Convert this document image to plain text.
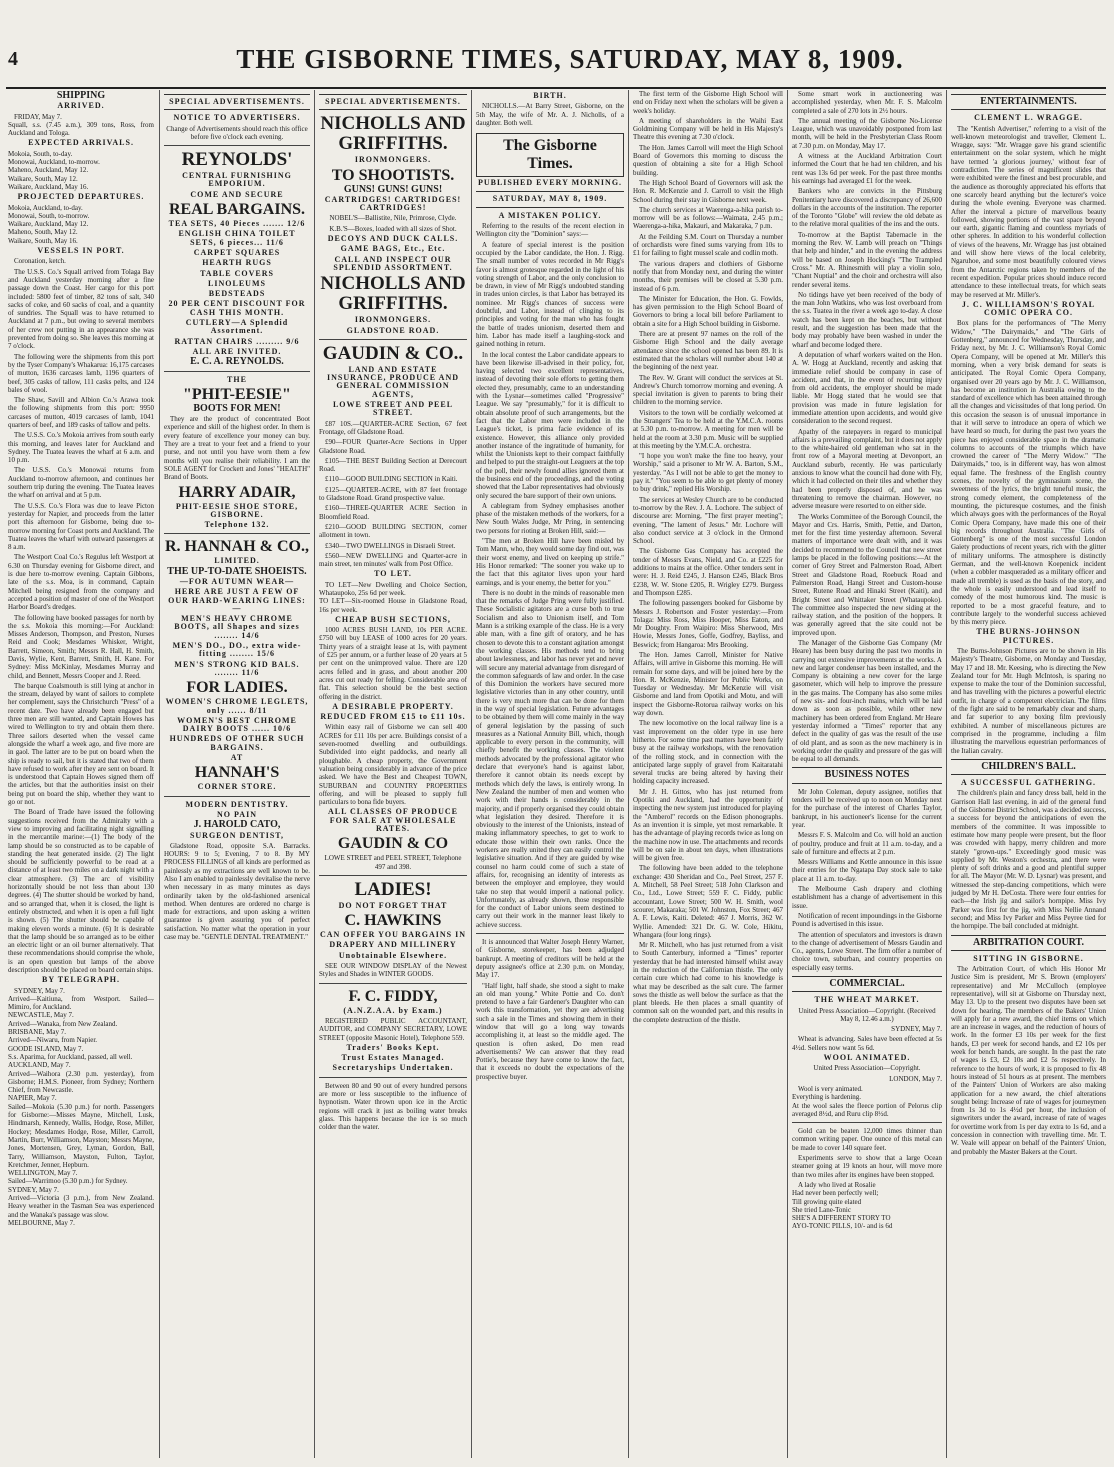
4	THE GISBORNE TIMES, SATURDAY, MAY 8, 1909.
SHIPPING
ARRIVED.

FRIDAY, May 7.
Squall, s.s. (7.45 a.m.), 309 tons, Ross, from Auckland and Tologa.

EXPECTED ARRIVALS.

Mokoia, South, to-day.
Monowai, Auckland, to-morrow.
Maheno, Auckland, May 12.
Waikare, South, May 12.
Waikare, Auckland, May 16.

PROJECTED DEPARTURES.

Mokoia, Auckland, to-day.
Monowai, South, to-morrow.
Waikare, Auckland, May 12.
Maheno, South, May 12.
Waikare, South, May 16.

VESSELS IN PORT.

Coronation, ketch.

The U.S.S. Co.'s Squall arrived from Tolaga Bay and Auckland yesterday morning after a fine passage down the Coast. Her cargo for this port included: 5800 feet of timber, 82 tons of salt, 340 sacks of coke, and 60 sacks of coal, and a quantity of sundries. The Squall was to have returned to Auckland at 7 p.m., but owing to several members of her crew not putting in an appearance she was prevented from doing so. She leaves this morning at 7 o'clock.

The following were the shipments from this port by the Tyser Company's Whakarua: 16,175 carcases of mutton, 1636 carcases lamb, 1196 quarters of beef, 305 casks of tallow, 111 casks pelts, and 124 bales of wool.

The Shaw, Savill and Albion Co.'s Arawa took the following shipments from this port: 9950 carcases of mutton, 4019 carcases of lamb, 1041 quarters of beef, and 189 casks of tallow and pelts.

The U.S.S. Co.'s Mokoia arrives from south early this morning, and leaves later for Auckland and Sydney. The Tuatea leaves the wharf at 6 a.m. and 10 p.m.

The U.S.S. Co.'s Monowai returns from Auckland to-morrow afternoon, and continues her southern trip during the evening. The Tuatea leaves the wharf on arrival and at 5 p.m.

The U.S.S. Co.'s Flora was due to leave Picton yesterday for Napier, and proceeds from the latter port this afternoon for Gisborne, being due to-morrow morning for Coast ports and Auckland. The Tuatea leaves the wharf with outward passengers at 8 a.m.

The Westport Coal Co.'s Regulus left Westport at 6.30 on Thursday evening for Gisborne direct, and is due here to-morrow evening. Captain Gibbons, late of the s.s. Moa, is in command, Captain Mitchell being resigned from the company and accepted a position of master of one of the Westport Harbor Board's dredges.

The following have booked passages for north by the s.s. Mokoia this morning:—For Auckland: Misses Anderson, Thompson, and Preston, Nurses Reid and Cook; Mesdames Whisker, Wright, Barrett, Simeon, Smith; Messrs R. Hall, H. Smith, Davis, Wylie, Kent, Barrett, Smith, H. Kane. For Sydney: Miss McKinlay, Mesdames Murray and child, and Bennett, Messrs Cooper and J. Reed.

The barque Coalsmouth is still lying at anchor in the stream, delayed by want of sailors to complete her complement, says the Christchurch "Press" of a recent date. Two have already been engaged but three men are still wanted, and Captain Howes has wired to Wellington to try and obtain them there. Three sailors deserted when the vessel came alongside the wharf a week ago, and five more are in gaol. The latter are to be put on board when the ship is ready to sail, but it is stated that two of them have refused to work after they are sent on board. It is understood that Captain Howes signed them off the articles, but that the authorities insist on their being put on board the ship, whether they want to go or not.

The Board of Trade have issued the following suggestions received from the Admiralty with a view to improving and facilitating night signalling in the mercantile marine:—(1) The body of the lamp should be so constructed as to be capable of standing the heat generated inside. (2) The light should be sufficiently powerful to be read at a distance of at least two miles on a dark night with a clear atmosphere. (3) The arc of visibility horizontally should be not less than about 130 degrees. (4) The shutter should be worked by hand, and so arranged that, when it is closed, the light is entirely obstructed, and when it is open a full light is shown. (5) The shutter should be capable of making eleven words a minute. (6) It is desirable that the lamp should be so arranged as to be either an electric light or an oil burner alternatively. That these recommendations should comprise the whole, is an open question but lamps of the above description should be placed on board certain ships.

BY TELEGRAPH.

SYDNEY, May 7.
Arrived—Kaitiuna, from Westport. Sailed—Mimiro, for Auckland.
NEWCASTLE, May 7.
Arrived—Wanaka, from New Zealand.
BRISBANE, May 7.
Arrived—Niwaru, from Napier.
GOODE ISLAND, May 7.
S.s. Aparima, for Auckland, passed, all well.
AUCKLAND, May 7.
Arrived—Waihora (2.30 p.m. yesterday), from Gisborne; H.M.S. Pioneer, from Sydney; Northern Chief, from Newcastle.
NAPIER, May 7.
Sailed—Mokoia (5.30 p.m.) for north. Passengers for Gisborne:—Misses Mayne, Mitchell, Lusk, Hindmarsh, Kennedy, Wallis, Hodge, Rose, Miller, Hockey; Mesdames Hodge, Rose, Miller, Carroll, Martin, Burr, Williamson, Mayston; Messrs Mayne, Jones, Mortensen, Grey, Lyman, Gordon, Ball, Tarry, Williamson, Mayston, Fulton, Taylor, Kretchmer, Jenner, Hepburn.
WELLINGTON, May 7.
Sailed—Warrimoo (5.30 p.m.) for Sydney.
SYDNEY, May 7.
Arrived—Victoria (3 p.m.), from New Zealand. Heavy weather in the Tasman Sea was experienced and the Wanaka's passage was slow.
MELBOURNE, May 7.

SPECIAL ADVERTISEMENTS.
NOTICE TO ADVERTISERS.

Change of Advertisements should reach this office before five o'clock each evening.

REYNOLDS'
CENTRAL FURNISHING EMPORIUM.
COME AND SECURE
REAL BARGAINS.
TEA SETS, 40 Pieces ....... 12/6
ENGLISH CHINA TOILET SETS, 6 pieces... 11/6
CARPET SQUARES
HEARTH RUGS
TABLE COVERS
LINOLEUMS
BEDSTEADS
20 PER CENT DISCOUNT FOR CASH THIS MONTH.
CUTLERY—A Splendid Assortment.
RATTAN CHAIRS ......... 9/6
ALL ARE INVITED.
E. C. A. REYNOLDS.
THE
"PHIT-EESIE"
BOOTS FOR MEN!

They are the product of concentrated Boot experience and skill of the highest order. In them is every feature of excellence your money can buy. They are a treat to your feet and a friend to your purse, and not until you have worn them a few months will you realise their reliability. I am the SOLE AGENT for Crockett and Jones' "HEALTH" Brand of Boots.

HARRY ADAIR,
PHIT-EESIE SHOE STORE, GISBORNE.
Telephone 132.
R. HANNAH & CO.,
LIMITED.
THE UP-TO-DATE SHOEISTS.
—FOR AUTUMN WEAR—
HERE ARE JUST A FEW OF OUR HARD-WEARING LINES:—
MEN'S HEAVY CHROME BOOTS, all Shapes and sizes ........ 14/6
MEN'S DO., DO., extra wide-fitting ........ 15/6
MEN'S STRONG KID BALS. ........ 11/6
FOR LADIES.
WOMEN'S CHROME LEGLETS, only ...... 8/11
WOMEN'S BEST CHROME DAIRY BOOTS ...... 10/6
HUNDREDS OF OTHER SUCH BARGAINS.
AT
HANNAH'S
CORNER STORE.
MODERN DENTISTRY.
NO PAIN
J. HAROLD CATO,
SURGEON DENTIST,

Gladstone Road, opposite S.A. Barracks. HOURS: 9 to 5; Evening, 7 to 8. By MY PROCESS FILLINGS of all kinds are performed as painlessly as my extractions are well known to be. Also I am enabled to painlessly devitalise the nerve when necessary in as many minutes as days ordinarily taken by the old-fashioned arsenical method. When dentures are ordered no charge is made for extractions, and upon asking a written guarantee is given assuring you of perfect satisfaction. No matter what the operation in your case may be. "GENTLE DENTAL TREATMENT."

SPECIAL ADVERTISEMENTS.
NICHOLLS AND GRIFFITHS.
IRONMONGERS.
TO SHOOTISTS.
GUNS! GUNS! GUNS!
CARTRIDGES! CARTRIDGES! CARTRIDGES!

NOBEL'S—Ballistite, Nile, Primrose, Clyde.

K.B.'S—Boxes, loaded with all sizes of Shot.

DECOYS AND DUCK CALLS.
GAME BAGS, Etc., Etc.
CALL AND INSPECT OUR SPLENDID ASSORTMENT.
NICHOLLS AND GRIFFITHS.
IRONMONGERS.
GLADSTONE ROAD.
GAUDIN & CO..
LAND AND ESTATE INSURANCE, PRODUCE AND GENERAL COMMISSION AGENTS,
LOWE STREET AND PEEL STREET.

£87 10S.—QUARTER-ACRE Section, 67 feet Frontage, off Gladstone Road.

£90—FOUR Quarter-Acre Sections in Upper Gladstone Road.

£105—THE BEST Building Section at Derecourt Road.

£110—GOOD BUILDING SECTION in Kaiti.

£125—QUARTER-ACRE, with 87 feet frontage to Gladstone Road. Grand prospective value.

£160—THREE-QUARTER ACRE Section in Bloomfield Road.

£210—GOOD BUILDING SECTION, corner allotment in town.

£340—TWO DWELLINGS in Disraeli Street.

£560—NEW DWELLING and Quarter-acre in main street, ten minutes' walk from Post Office.

TO LET.

TO LET—New Dwelling and Choice Section, Whataupoko, 25s 6d per week.
TO LET—Six-roomed House in Gladstone Road, 16s per week.

CHEAP BUSH SECTIONS,

1000 ACRES BUSH LAND, 10s PER ACRE. £750 will buy LEASE of 1000 acres for 20 years. Thirty years of a straight lease at 1s, with payment of £25 per annum, or a further lease of 20 years at 5 per cent on the unimproved value. There are 120 acres felled and in grass, and about another 200 acres cut out ready for felling. Considerable area of flat. This selection should be the best section offering in the district.

A DESIRABLE PROPERTY.
REDUCED FROM £15 to £11 10s.

Within easy rail of Gisborne we can sell 400 ACRES for £11 10s per acre. Buildings consist of a seven-roomed dwelling and outbuildings. Subdivided into eight paddocks, and nearly all ploughable. A cheap property, the Government valuation being considerably in advance of the price asked. We have the Best and Cheapest TOWN, SUBURBAN and COUNTRY PROPERTIES offering, and will be pleased to supply full particulars to bona fide buyers.

ALL CLASSES OF PRODUCE FOR SALE AT WHOLESALE RATES.
GAUDIN & CO

LOWE STREET and PEEL STREET, Telephone 497 and 398.

LADIES!
DO NOT FORGET THAT
C. HAWKINS
CAN OFFER YOU BARGAINS IN
DRAPERY AND MILLINERY
Unobtainable Elsewhere.

SEE OUR WINDOW DISPLAY of the Newest Styles and Shades in WINTER GOODS.

F. C. FIDDY,
(A.N.Z.A.A. by Exam.)

REGISTERED PUBLIC ACCOUNTANT, AUDITOR, and COMPANY SECRETARY, LOWE STREET (opposite Masonic Hotel), Telephone 559.

Traders' Books Kept.
Trust Estates Managed.
Secretaryships Undertaken.

Between 80 and 90 out of every hundred persons are more or less susceptible to the influence of hypnotism. Water thrown upon ice in the Arctic regions will crack it just as boiling water breaks glass. This happens because the ice is so much colder than the water.

BIRTH.

NICHOLLS.—At Barry Street, Gisborne, on the 5th May, the wife of Mr. A. J. Nicholls, of a daughter. Both well.

The Gisborne Times.
PUBLISHED EVERY MORNING.
SATURDAY, MAY 8, 1909.
A MISTAKEN POLICY.

Referring to the results of the recent election in Wellington city the "Dominion" says:—

A feature of special interest is the position occupied by the Labor candidate, the Hon. J. Rigg. The small number of votes recorded in Mr Rigg's favor is almost grotesque regarded in the light of his voting strength of Labor, and the only conclusion to be drawn, in view of Mr Rigg's undoubted standing in trades union circles, is that Labor has betrayed its nominee. Mr Rigg's chances of success were doubtful, and Labor, instead of clinging to its principles and voting for the man who has fought the battle of trades unionism, deserted them and him. Labor has made itself a laughing-stock and gained nothing in return.

In the local contest the Labor candidate appears to have been likewise ill-advised in their policy, for, having selected two excellent representatives, instead of devoting their sole efforts to getting them elected they, presumably, came to an understanding with the Lysnar—sometimes called "Progressive" League. We say "presumably," for it is difficult to obtain absolute proof of such arrangements, but the fact that the Labor men were included in the League's ticket, is prima facie evidence of its existence. However, this alliance only provided another instance of the ingratitude of humanity, for whilst the Unionists kept to their compact faithfully and helped to put the straight-out Leaguers at the top of the poll, their newly found allies ignored them at the business end of the proceedings, and the voting showed that the Labor representatives had obviously only secured the bare support of their own unions.

A cablegram from Sydney emphasises another phase of the mistaken methods of the workers, for a New South Wales Judge, Mr Pring, in sentencing two persons for rioting at Broken Hill, said:—

"The men at Broken Hill have been misled by Tom Mann, who, they would some day find out, was their worst enemy, and lived on keeping up strife." His Honor remarked: "The sooner you wake up to the fact that this agitator lives upon your hard earnings, and is your enemy, the better for you."

There is no doubt in the minds of reasonable men that the remarks of Judge Pring were fully justified. These Socialistic agitators are a curse both to true Socialism and also to Unionism itself, and Tom Mann is a striking example of the class. He is a very able man, with a fine gift of oratory, and he has chosen to devote this to a constant agitation amongst the working classes. His methods tend to bring about lawlessness, and labor has never yet and never will secure any material advantage from disregard of the common safeguards of law and order. In the case of this Dominion the workers have secured more legislative victories than in any other country, until there is very much more that can be done for them in the way of special legislation. Future advantages to be obtained by them will come mainly in the way of general legislation by the passing of such measures as a National Annuity Bill, which, though applicable to every person in the community, will chiefly benefit the working classes. The violent methods advocated by the professional agitator who declare that everyone's hand is against labor, therefore it cannot obtain its needs except by methods which defy the laws, is entirely wrong. In New Zealand the number of men and women who work with their hands is considerably in the majority, and if properly organised they could obtain what legislation they desired. Therefore it is obviously to the interest of the Unionists, instead of making inflammatory speeches, to get to work to educate those within their own ranks. Once the workers are really united they can easily control the legislative situation. And if they are guided by wise counsel no harm could come of such a state of affairs, for, recognising an identity of interests as between the employer and employee, they would take no step that would imperil a national policy. Unfortunately, as already shown, those responsible for the conduct of Labor unions seem destined to carry out their work in the manner least likely to achieve success.

It is announced that Walter Joseph Henry Warner, of Gisborne, storekeeper, has been adjudged bankrupt. A meeting of creditors will be held at the deputy assignee's office at 2.30 p.m. on Monday, May 17.

"Half light, half shade, she stood a sight to make an old man young." White Pottie and Co. don't pretend to have a fair Gardener's Daughter who can work this transformation, yet they are advertising such a sale in the Times and showing them in their window that will go a long way towards accomplishing it, at least so the middle aged. The question is often asked, Do men read advertisements? We can answer that they read Pottie's, because they have come to know the fact, that it exceeds no doubt the expectations of the prospective buyer.

The first term of the Gisborne High School will end on Friday next when the scholars will be given a week's holiday.

A meeting of shareholders in the Waihi East Goldmining Company will be held in His Majesty's Theatre this evening at 7.30 o'clock.

The Hon. James Carroll will meet the High School Board of Governors this morning to discuss the question of obtaining a site for a High School building.

The High School Board of Governors will ask the Hon. R. McKenzie and J. Carroll to visit the High School during their stay in Gisborne next week.

The church services at Waerenga-a-hika parish to-morrow will be as follows:—Waimata, 2.45 p.m.; Waerenga-a-hika, Makauri, and Makaraka, 7 p.m.

At the Feilding S.M. Court on Thursday a number of orchardists were fined sums varying from 10s to £1 for failing to fight mussel scale and codlin moth.

The various drapers and clothiers of Gisborne notify that from Monday next, and during the winter months, their premises will be closed at 5.30 p.m. instead of 6 p.m.

The Minister for Education, the Hon. G. Fowlds, has given permission to the High School Board of Governors to bring a local bill before Parliament to obtain a site for a High School building in Gisborne.

There are at present 97 names on the roll of the Gisborne High School and the daily average attendance since the school opened has been 89. It is estimated that the scholars will number about 140 at the beginning of the next year.

The Rev. W. Grant will conduct the services at St. Andrew's Church tomorrow morning and evening. A special invitation is given to parents to bring their children to the morning service.

Visitors to the town will be cordially welcomed at the Strangers' Tea to be held at the Y.M.C.A. rooms at 5.30 p.m. to-morrow. A meeting for men will be held at the room at 3.30 p.m. Music will be supplied at this meeting by the Y.M.C.A. orchestra.

"I hope you won't make the fine too heavy, your Worship," said a prisoner to Mr W. A. Barton, S.M., yesterday. "As I will not be able to get the money to pay it." "You seem to be able to get plenty of money to buy drink," replied His Worship.

The services at Wesley Church are to be conducted to-morrow by the Rev. J. A. Lochore. The subject of discourse are: Morning, "The first prayer meeting"; evening, "The lament of Jesus." Mr. Lochore will also conduct service at 3 o'clock in the Ormond School.

The Gisborne Gas Company has accepted the tender of Messrs Evans, Nield, and Co. at £225 for additions to mains at the office. Other tenders sent in were: H. J. Reid £245, J. Hanson £245, Black Bros £238, W. W. Stone £205, R. Wrigley £279. Burgess and Thompson £285.

The following passengers booked for Gisborne by Messrs J. Robertson and Foster yesterday:—From Tolaga: Miss Ross, Miss Hooper, Miss Eaton, and Mr Doughty. From Waipiro: Miss Sherwood, Mrs Howie, Messrs Jones, Goffe, Godfrey, Bayliss, and Beswick; from Hangaroa: Mrs Brooking.

The Hon. James Carroll, Minister for Native Affairs, will arrive in Gisborne this morning. He will remain for some days, and will be joined here by the Hon. R. McKenzie, Minister for Public Works, on Tuesday or Wednesday. Mr McKenzie will visit Gisborne and land from Opotiki and Motu, and will inspect the Gisborne-Rotorua railway works on his way down.

The new locomotive on the local railway line is a vast improvement on the older type in use here hitherto. For some time past matters have been fairly busy at the railway workshops, with the renovation of the rolling stock, and in connection with the anticipated large supply of gravel from Kaitaratahi several trucks are being altered by having their holding capacity increased.

Mr J. H. Gittos, who has just returned from Opotiki and Auckland, had the opportunity of inspecting the new system just introduced for playing the "Amberol" records on the Edison phonographs. As an invention it is simple, yet most remarkable. It has the advantage of playing records twice as long on the machine now in use. The attachments and records will be on sale in about ten days, when illustrations will be given free.

The following have been added to the telephone exchange: 430 Sheridan and Co., Peel Street, 257 F. A. Mitchell, 58 Peel Street; 518 John Clarkson and Co., Ltd., Lowe Street; 559 F. C. Fiddy, public accountant, Lowe Street; 500 W. H. Smith, wool scourer, Makaraka; 501 W. Johnston, Fox Street; 467 A. F. Lewis, Kaiti. Deleted: 467 J. Morris, 362 W. Wyllie. Amended: 321 Dr. G. W. Cole, Hikitu, Whangara (four long rings).

Mr R. Mitchell, who has just returned from a visit to South Canterbury, informed a "Times" reporter yesterday that he had interested himself whilst away in the reduction of the Californian thistle. The only certain cure which had come to his knowledge is what may be described as the salt cure. The farmer sows the thistle as well below the surface as that the plant bleeds. He then places a small quantity of common salt on the wounded part, and this results in the complete destruction of the thistle.

Some smart work in auctioneering was accomplished yesterday, when Mr. F. S. Malcolm completed a sale of 270 lots in 2½ hours.

The annual meeting of the Gisborne No-License League, which was unavoidably postponed from last month, will be held in the Presbyterian Class Room at 7.30 p.m. on Monday, May 17.

A witness at the Auckland Arbitration Court informed the Court that he had ten children, and his rent was 13s 6d per week. For the past three months his earnings had averaged £1 for the week.

Bankers who are convicts in the Pittsburg Penitentiary have discovered a discrepancy of 26,600 dollars in the accounts of the institution. The reporter of the Toronto "Globe" will review the old debate as to the relative moral qualities of the ins and the outs.

To-morrow at the Baptist Tabernacle in the morning the Rev. W. Lamb will preach on "Things that help and hinder," and in the evening the address will be based on Joseph Hocking's "The Trampled Cross." Mr. A. Rhinesmith will play a violin solo, "Chant Nuptial" and the choir and orchestra will also render several items.

No tidings have yet been received of the body of the man John Watkins, who was lost overboard from the s.s. Tuatea in the river a week ago to-day. A close watch has been kept on the beaches, but without result, and the suggestion has been made that the body may probably have been washed in under the wharf and become lodged there.

A deputation of wharf workers waited on the Hon. A. W. Hogg at Auckland, recently and asking that immediate relief should be company in case of accident, and that, in the event of recurring injury from old accidents, the employer should be made liable. Mr Hogg stated that he would see that provision was made in future legislation for immediate attention upon accidents, and would give consideration to the second request.

Apathy of the ratepayers in regard to municipal affairs is a prevailing complaint, but it does not apply to the white-haired old gentleman who sat in the front row of a Mayoral meeting at Devonport, an Auckland suburb, recently. He was particularly anxious to know what the council had done with Fly, which it had collected on their tiles and whether they had been properly disposed of, and he was threatening to remove the chairman. However, no adverse measure were resorted to on either side.

The Works Committee of the Borough Council, the Mayor and Crs. Harris, Smith, Pettie, and Darton, met for the first time yesterday afternoon. Several matters of importance were dealt with, and it was decided to recommend to the Council that new street lamps be placed in the following positions:—At the corner of Grey Street and Palmerston Road, Albert Street and Gladstone Road, Roebuck Road and Palmerston Road, Hangi Street and Custom-house Street, Rutene Road and Hinaki Street (Kaiti), and Bright Street and Whittaker Street (Whataupoko). The committee also inspected the new siding at the railway station, and the position of the hoppers. It was generally agreed that the site could not be improved upon.

The Manager of the Gisborne Gas Company (Mr Heare) has been busy during the past two months in carrying out extensive improvements at the works. A new and larger condenser has been installed, and the Company is obtaining a new cover for the large gasometer, which will help to improve the pressure in the gas mains. The Company has also some miles of new six- and four-inch mains, which will be laid down as soon as possible, while other new machinery has been ordered from England. Mr Heare yesterday informed a "Times" reporter that any defect in the quality of gas was the result of the use of old plant, and as soon as the new machinery is in working order the quality and pressure of the gas will be equal to all demands.

BUSINESS NOTES

Mr John Coleman, deputy assignee, notifies that tenders will be received up to noon on Monday next for the purchase of the interest of Charles Taylor, bankrupt, in his auctioneer's license for the current year.

Messrs F. S. Malcolm and Co. will hold an auction of poultry, produce and fruit at 11 a.m. to-day, and a sale of furniture and effects at 2 p.m.

Messrs Williams and Kettle announce in this issue their entries for the Ngatapa Day stock sale to take place at 11 a.m. to-day.

The Melbourne Cash drapery and clothing establishment has a change of advertisement in this issue.

Notification of recent impoundings in the Gisborne Pound is advertised in this issue.

The attention of speculators and investors is drawn to the change of advertisement of Messrs Gaudin and Co., agents, Lowe Street. The firm offer a number of choice town, suburban, and country properties on especially easy terms.

COMMERCIAL.
THE WHEAT MARKET.

United Press Association—Copyright. (Received May 8, 12.46 a.m.)

SYDNEY, May 7.

Wheat is advancing. Sales have been effected at 5s 4½d. Sellers now want 5s 6d.

WOOL ANIMATED.

United Press Association—Copyright.

LONDON, May 7.

Wool is very animated.
Everything is hardening.
At the wool sales the fleece portion of Pelorus clip averaged 8½d, and Ruru clip 8½d.

Gold can be beaten 12,000 times thinner than common writing paper. One ounce of this metal can be made to cover 140 square feet.

Experiments serve to show that a large Ocean steamer going at 19 knots an hour, will move more than two miles after its engines have been stopped.

A lady who lived at Rosalie
Had never been perfectly well;
Till growing quite elated
She tried Lane-Tonic
SHE'S A DIFFERENT STORY TO
AYO-TONIC PILLS, 10/- and is 6d

ENTERTAINMENTS.
CLEMENT L. WRAGGE.

The "Kentish Advertiser," referring to a visit of the well-known meteorologist and traveller, Clement L. Wragge, says: "Mr. Wragge gave his grand scientific entertainment on the solar system, which he might have termed 'a glorious journey,' without fear of contradiction. The series of magnificent slides that were exhibited were the finest and best procurable, and the audience as thoroughly appreciated his efforts that one scarcely heard anything but the lecturer's voice during the whole evening. Everyone was charmed. After the interval a picture of marvellous beauty followed, showing portions of the vast space beyond our earth, gigantic flaming and countless myriads of other spheres. In addition to his wonderful collection of views of the heavens, Mr. Wragge has just obtained and will show here views of the local celebrity, Ngaruhoe, and some most beautifully coloured views from the Antarctic regions taken by members of the recent expedition. Popular prices should induce record attendance to these intellectual treats, for which seats may be reserved at Mr. Miller's.

J. C. WILLIAMSON'S ROYAL COMIC OPERA CO.

Box plans for the performances of "The Merry Widow," "The Dairymaids," and "The Girls of Gottenberg," announced for Wednesday, Thursday, and Friday next, by Mr. J. C. Williamson's Royal Comic Opera Company, will be opened at Mr. Miller's this morning, when a very brisk demand for seats is anticipated. The Royal Comic Opera Company, organised over 20 years ago by Mr. J. C. Williamson, has become an institution in Australia owing to the standard of excellence which has been attained through all the changes and vicissitudes of that long period. On this occasion the season is of unusual importance in that it will serve to introduce an opera of which we have heard so much, for during the past two years the piece has enjoyed considerable space in the dramatic columns to accounts of the triumphs which have crowned the career of "The Merry Widow." "The Dairymaids," too, is in different way, has won almost equal fame. The freshness of the English country scenes, the novelty of the gymnasium scene, the sweetness of the lyrics, the bright tuneful music, the strong comedy element, the completeness of the mounting, the picturesque costumes, and the finish which always goes with the performances of the Royal Comic Opera Company, have made this one of their big records throughout Australia. "The Girls of Gottenberg" is one of the most successful London Gaiety productions of recent years, rich with the glitter of military uniforms. The atmosphere is distinctly German, and the well-known Koepenick incident (when a cobbler masqueraded as a military officer and made all tremble) is used as the basis of the story, and the whole is easily understood and lead itself to comedy of the most humorous kind. The music is reported to be a most graceful feature, and to contribute largely to the wonderful success achieved by this merry piece.

THE BURNS-JOHNSON PICTURES.

The Burns-Johnson Pictures are to be shown in His Majesty's Theatre, Gisborne, on Monday and Tuesday, May 17 and 18. Mr. Keesing, who is directing the New Zealand tour for Mr. Hugh McIntosh, is sparing no expense to make the tour of the Dominion successful, and has travelling with the pictures a powerful electric outfit, in charge of a competent electrician. The films of the fight are said to be remarkably clear and sharp, and far superior to any boxing film previously exhibited. A number of miscellaneous pictures are comprised in the programme, including a film illustrating the marvellous equestrian performances of the Italian cavalry.

CHILDREN'S BALL.
A SUCCESSFUL GATHERING.

The children's plain and fancy dress ball, held in the Garrison Hall last evening, in aid of the general fund of the Gisborne District School, was a decided success, a success for beyond the anticipations of even the members of the committee. It was impossible to estimate how many people were present, but the floor was crowded with happy, merry children and more stately "grown-ups." Exceedingly good music was supplied by Mr. Weston's orchestra, and there were plenty of soft drinks and a good and plentiful supper for all. The Mayor (Mr. W. D. Lysnar) was present, and witnessed the step-dancing competitions, which were judged by Mr H. DeCosta. There were four entries for each—the Irish jig and sailor's hornpipe. Miss Ivy Parker was first for the jig, with Miss Nellie Annand second; and Miss Ivy Parker and Miss Peyree tied for the hornpipe. The ball concluded at midnight.

ARBITRATION COURT.
SITTING IN GISBORNE.

The Arbitration Court, of which His Honor Mr Justice Sim is president, Mr S. Brown (employers' representative) and Mr McCulloch (employee representative), will sit at Gisborne on Thursday next, May 13. Up to the present two disputes have been set down for hearing. The members of the Bakers' Union will apply for a new award, the chief items on which are an increase in wages, and the reduction of hours of work. In the former £3 10s per week for the first hands, £3 per week for second hands, and £2 10s per week for bench hands, are sought. In the past the rate of wages is £3, £2 10s and £2 5s respectively. In reference to the hours of work, it is proposed to fix 48 hours instead of 51 hours as at present. The members of the Painters' Union of Workers are also making application for a new award, the chief alterations sought being: Increase of rate of wages for journeymen from 1s 3d to 1s 4½d per hour, the inclusion of signwriters under the award, increase of rate of wages for overtime work from 1s per day extra to 1s 6d, and a concession in connection with travelling time. Mr. T. W. Veale will appear on behalf of the Painters' Union, and probably the Master Bakers at the Court.
